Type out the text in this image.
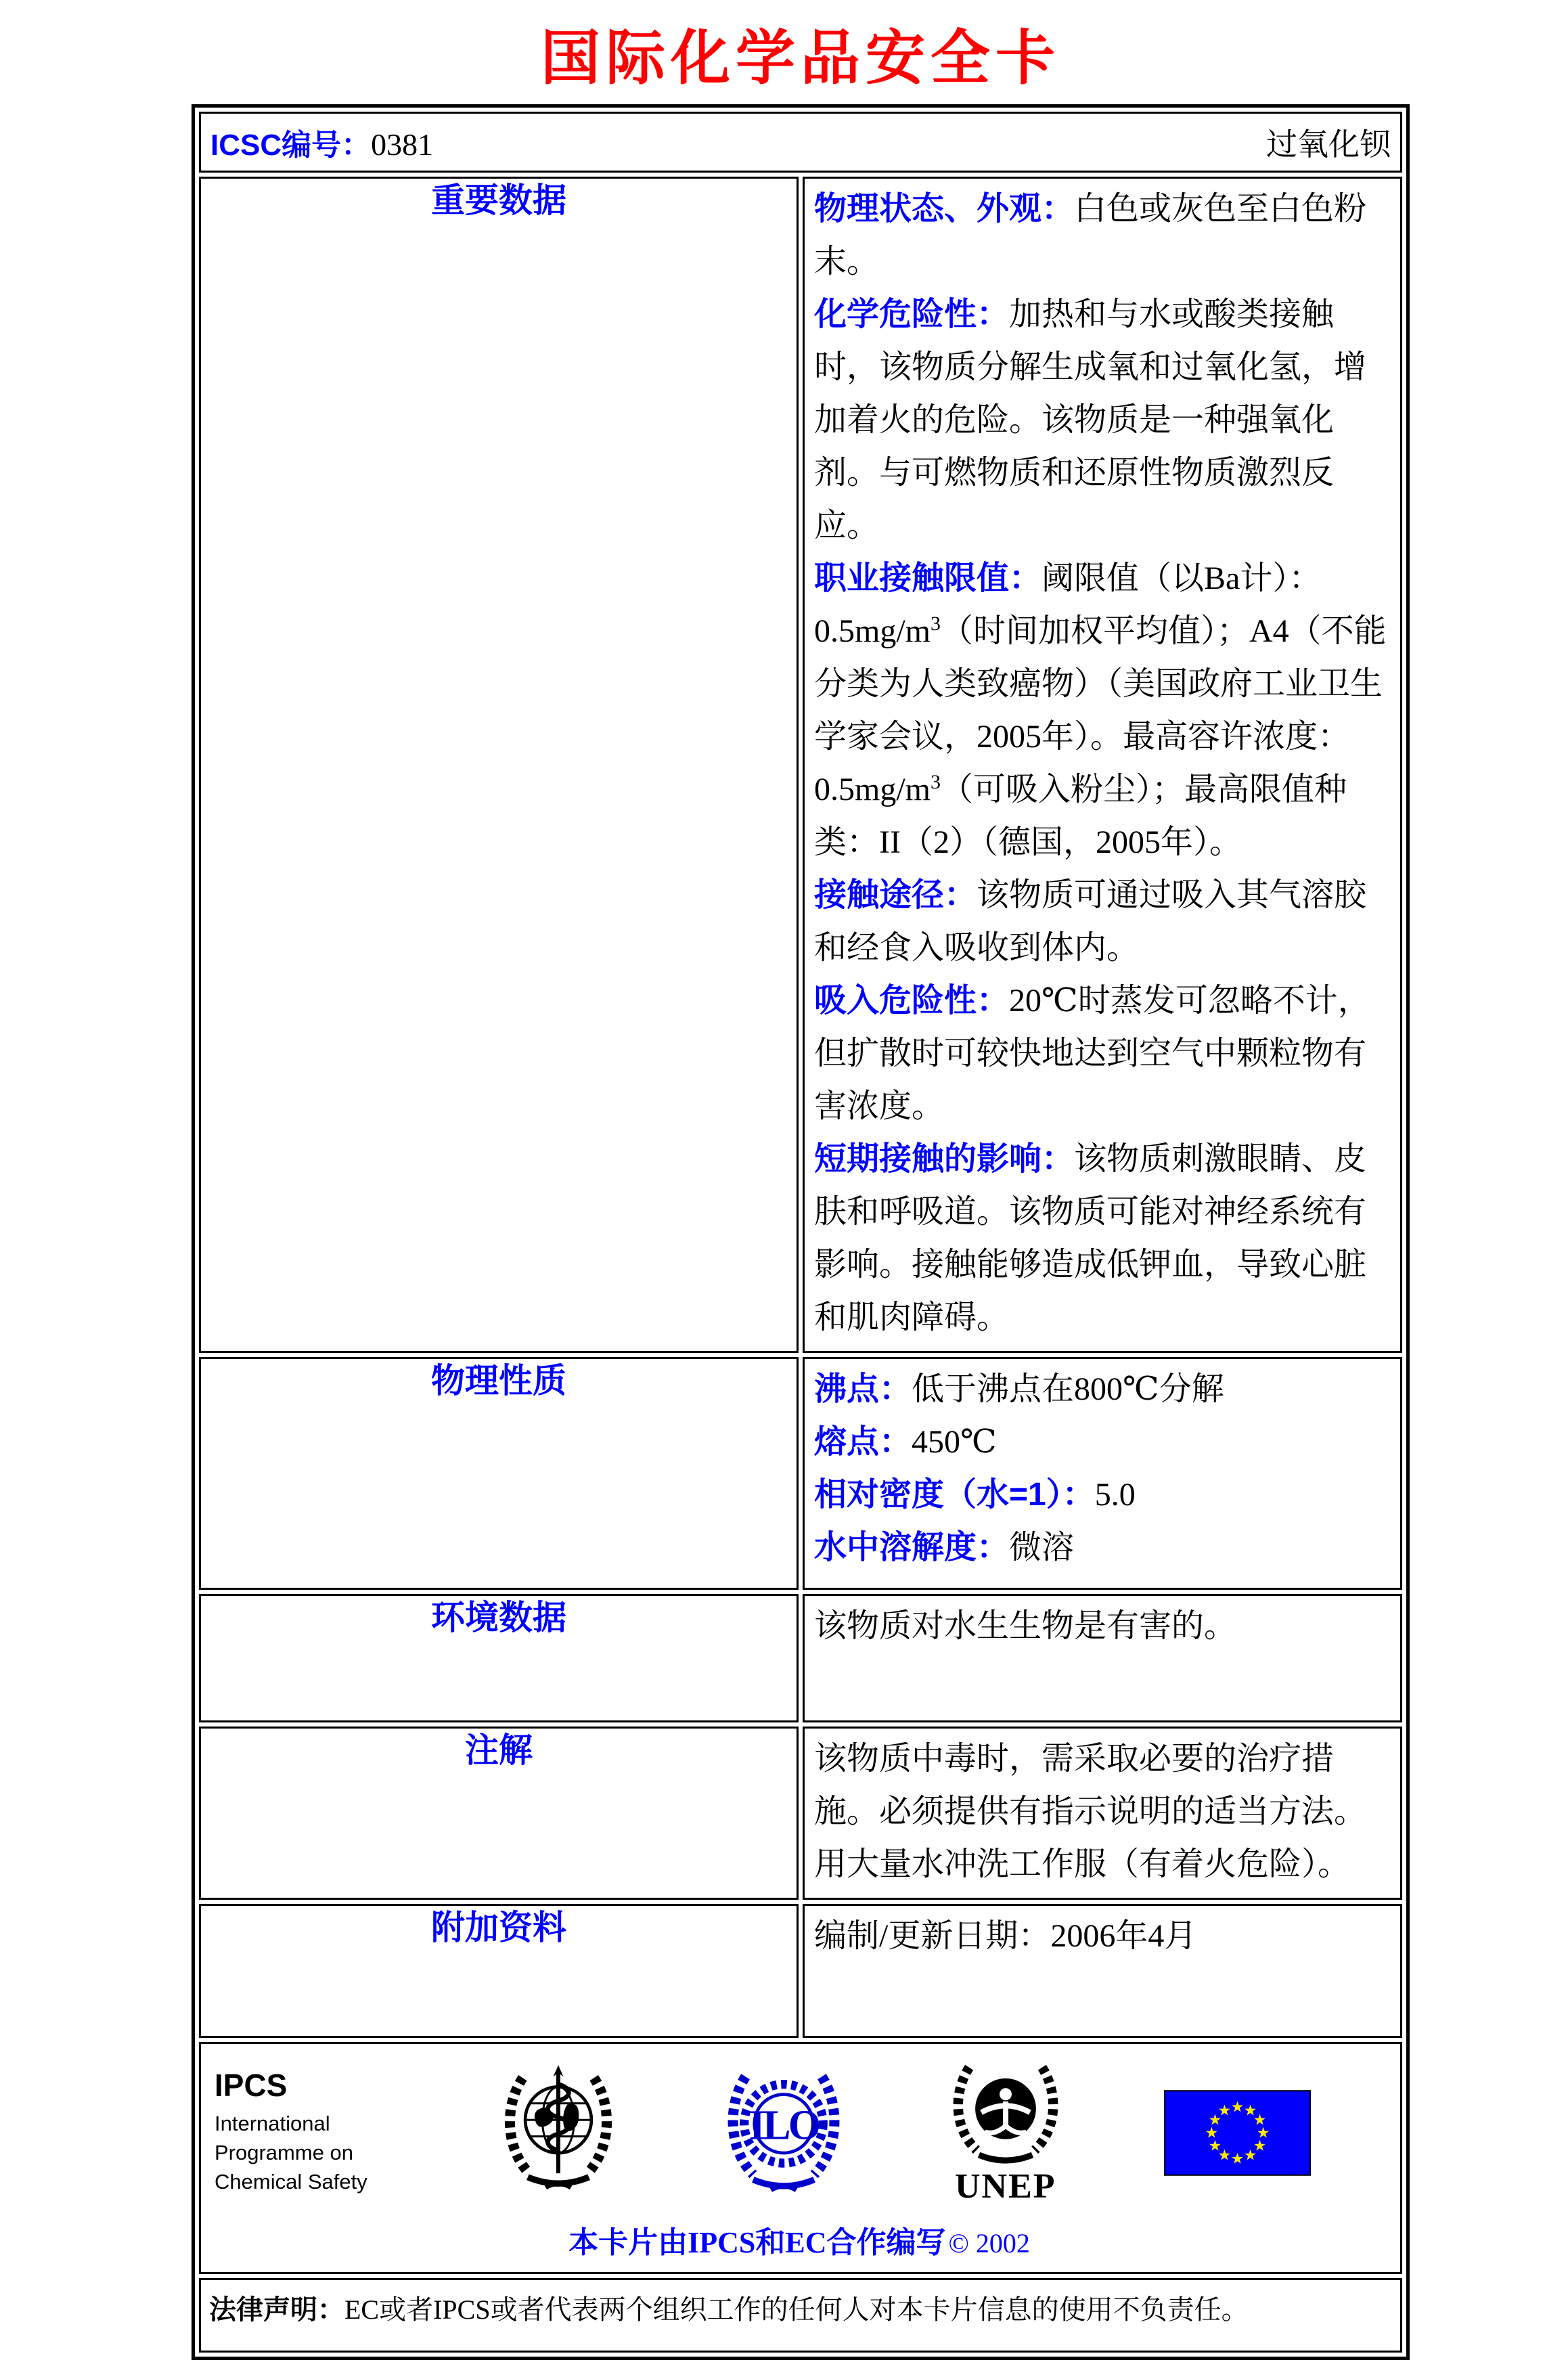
国际化学品安全卡
ICSC编号：0381 过氧化钡	

重要数据	物理状态、外观：白色或灰色至白色粉末。

化学危险性：加热和与水或酸类接触时，该物质分解生成氧和过氧化氢，增加着火的危险。该物质是一种强氧化剂。与可燃物质和还原性物质激烈反应。

职业接触限值：阈限值（以Ba计）：$0.5mg/m^3$（时间加权平均值）；A4（不能分类为人类致癌物）（美国政府工业卫生学家会议，2005年）。最高容许浓度：$0.5mg/m^3$（可吸入粉尘）；最高限值种类：II（2）（德国，2005年）。

接触途径：该物质可通过吸入其气溶胶和经食入吸收到体内。

吸入危险性：20℃时蒸发可忽略不计，但扩散时可较快地达到空气中颗粒物有害浓度。

短期接触的影响：该物质刺激眼睛、皮肤和呼吸道。该物质可能对神经系统有影响。接触能够造成低钾血，导致心脏和肌肉障碍。

物理性质	沸点：低于沸点在800℃分解

熔点：450℃

相对密度（水=1）：5.0

水中溶解度：微溶

环境数据	该物质对水生生物是有害的。

注解	该物质中毒时，需采取必要的治疗措施。必须提供有指示说明的适当方法。用大量水冲洗工作服（有着火危险）。

附加资料	编制/更新日期：2006年4月

IPCS
International
Programme on
Chemical Safety
ILO
UNEP
本卡片由IPCS和EC合作编写 © 2002

法律声明：EC或者IPCS或者代表两个组织工作的任何人对本卡片信息的使用不负责任。	
